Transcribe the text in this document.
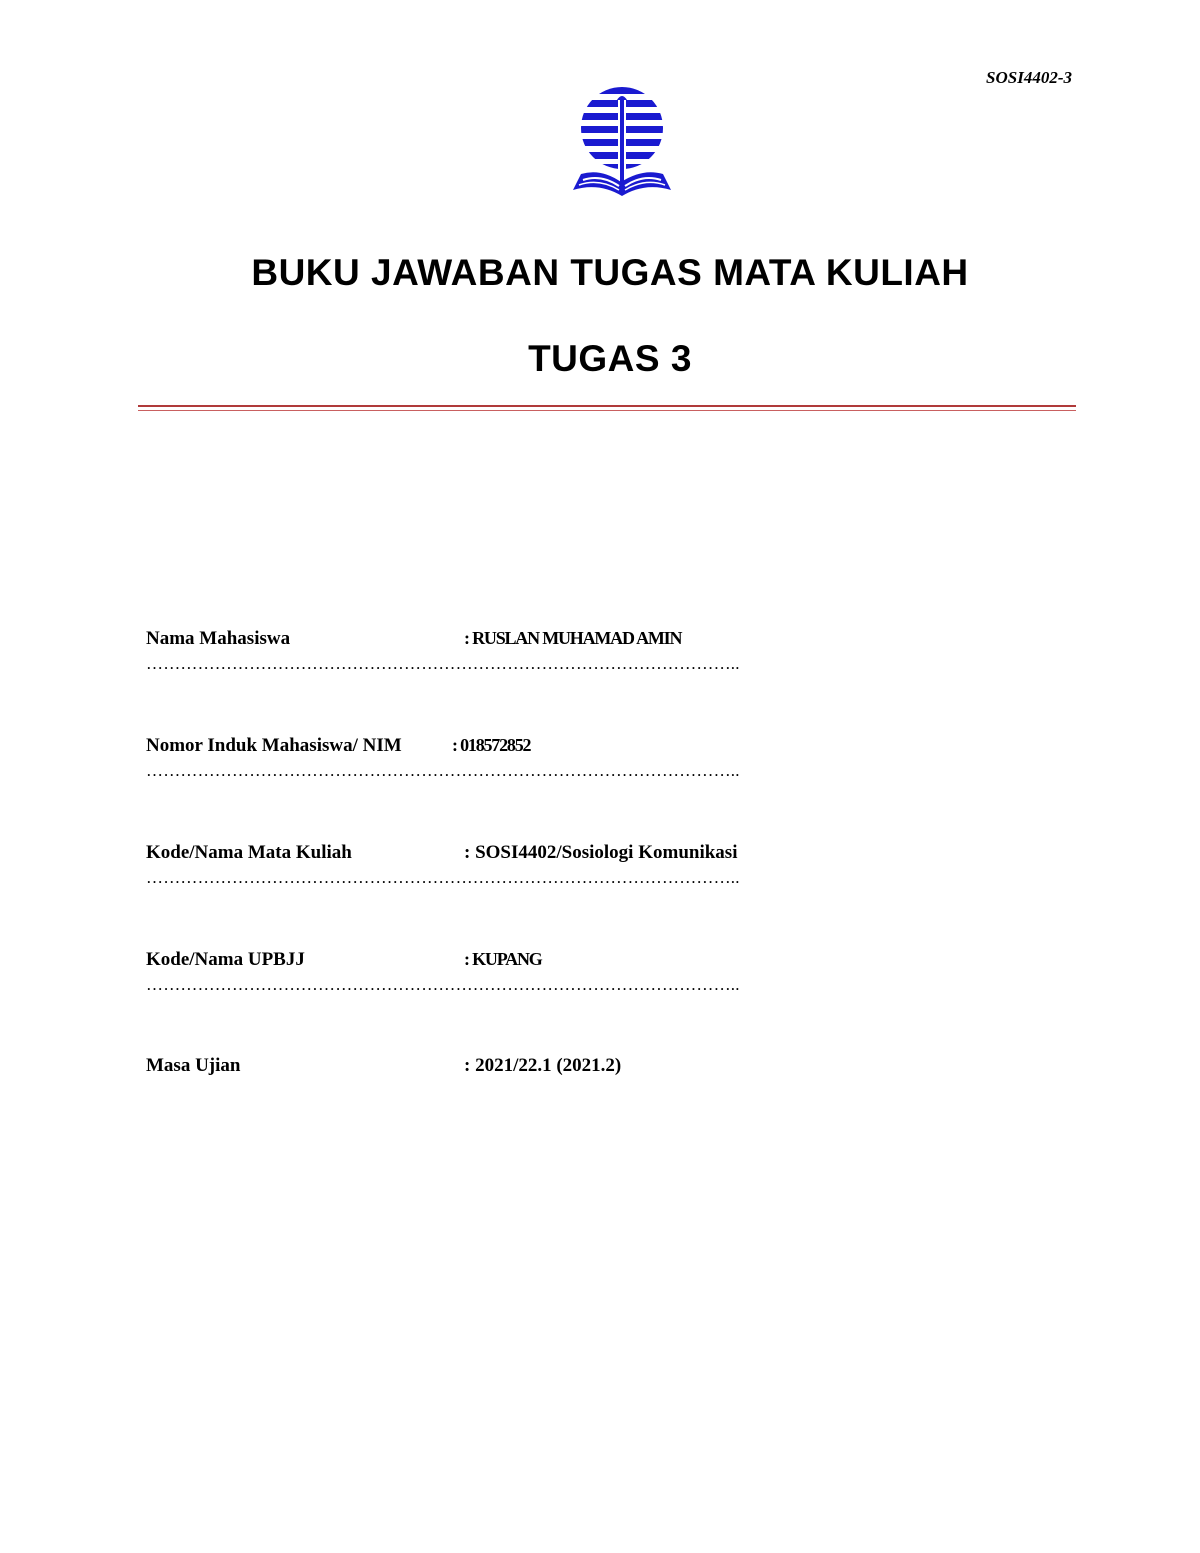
SOSI4402-3
BUKU JAWABAN TUGAS MATA KULIAH
TUGAS 3
Nama Mahasiswa	: RUSLAN MUHAMAD AMIN
…………………………………………………………………………………………..
Nomor Induk Mahasiswa/ NIM	: 018572852
…………………………………………………………………………………………..
Kode/Nama Mata Kuliah	: SOSI4402/Sosiologi Komunikasi
…………………………………………………………………………………………..
Kode/Nama UPBJJ	: KUPANG
…………………………………………………………………………………………..
Masa Ujian	: 2021/22.1 (2021.2)
